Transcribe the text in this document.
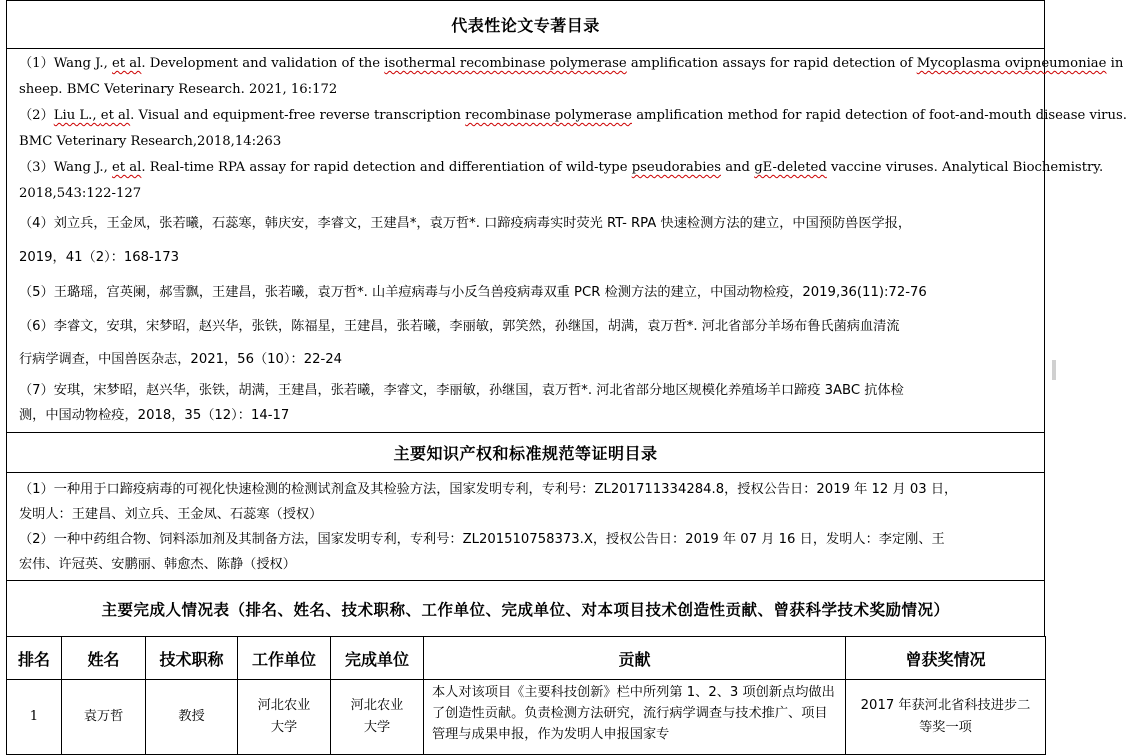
代表性论文专著目录
（1）Wang J., et al. Development and validation of the isothermal recombinase polymerase amplification assays for rapid detection of Mycoplasma ovipneumoniae in
sheep. BMC Veterinary Research. 2021, 16:172
（2）Liu L., et al. Visual and equipment-free reverse transcription recombinase polymerase amplification method for rapid detection of foot-and-mouth disease virus.
BMC Veterinary Research,2018,14:263
（3）Wang J., et al. Real-time RPA assay for rapid detection and differentiation of wild-type pseudorabies and gE-deleted vaccine viruses. Analytical Biochemistry.
2018,543:122-127
（4）刘立兵，王金凤，张若曦，石蕊寒，韩庆安，李睿文，王建昌*，袁万哲*. 口蹄疫病毒实时荧光 RT- RPA 快速检测方法的建立，中国预防兽医学报，
2019，41（2）：168-173
（5）王璐瑶，宫英阑，郝雪飘，王建昌，张若曦，袁万哲*. 山羊痘病毒与小反刍兽疫病毒双重 PCR 检测方法的建立，中国动物检疫，2019,36(11):72-76
（6）李睿文，安琪，宋梦昭，赵兴华，张铁，陈福星，王建昌，张若曦，李丽敏，郭笑然，孙继国，胡满，袁万哲*. 河北省部分羊场布鲁氏菌病血清流
行病学调查，中国兽医杂志，2021，56（10）：22-24
（7）安琪，宋梦昭，赵兴华，张铁，胡满，王建昌，张若曦，李睿文，李丽敏，孙继国，袁万哲*. 河北省部分地区规模化养殖场羊口蹄疫 3ABC 抗体检
测，中国动物检疫，2018，35（12）：14-17
主要知识产权和标准规范等证明目录
（1）一种用于口蹄疫病毒的可视化快速检测的检测试剂盒及其检验方法，国家发明专利，专利号：ZL201711334284.8，授权公告日：2019 年 12 月 03 日，
发明人：王建昌、刘立兵、王金凤、石蕊寒（授权）
（2）一种中药组合物、饲料添加剂及其制备方法，国家发明专利，专利号：ZL201510758373.X，授权公告日：2019 年 07 月 16 日，发明人：李定刚、王
宏伟、许冠英、安鹏丽、韩愈杰、陈静（授权）
主要完成人情况表（排名、姓名、技术职称、工作单位、完成单位、对本项目技术创造性贡献、曾获科学技术奖励情况）
排名	姓名	技术职称	工作单位	完成单位	贡献	曾获奖情况
1	袁万哲	教授	河北农业大学	河北农业大学	本人对该项目《主要科技创新》栏中所列第 1、2、3 项创新点均做出了创造性贡献。负责检测方法研究，流行病学调查与技术推广、项目管理与成果申报，作为发明人申报国家专	2017 年获河北省科技进步二等奖一项
